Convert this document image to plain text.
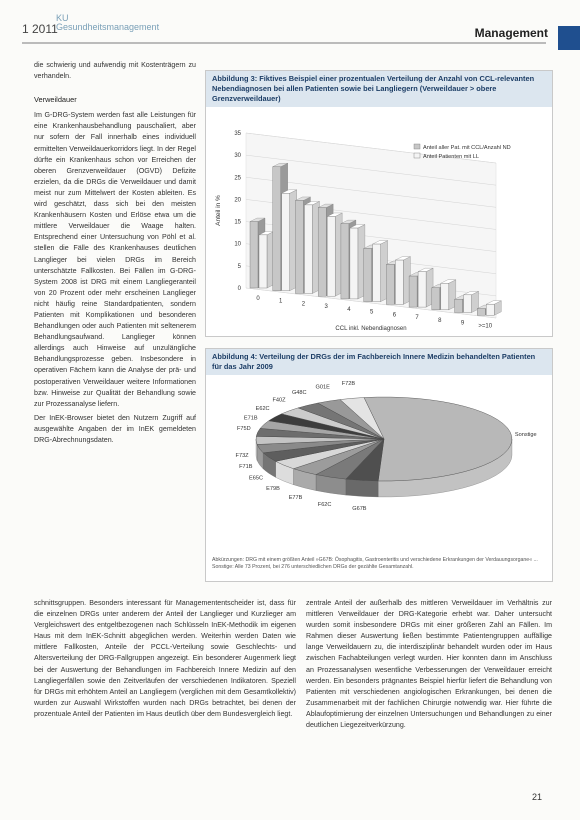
1 2011
KU
Gesundheitsmanagement	Management

die schwierig und aufwendig mit Kostenträgern zu verhandeln.

Verweildauer

Im G-DRG-System werden fast alle Leistungen für eine Krankenhausbehandlung pauschaliert, aber nur sofern der Fall innerhalb eines individuell ermittelten Verweildauerkorridors liegt. In der Regel dürfte ein Krankenhaus schon vor Erreichen der oberen Grenzverweildauer (OGVD) Defizite erzielen, da die DRGs die Verweildauer und damit meist nur zum Mittelwert der Kosten ableiten. Es wird geschätzt, dass sich bei den meisten Krankenhäusern Kosten und Erlöse etwa um die mittlere Verweildauer die Waage halten. Entsprechend einer Untersuchung von Pöhl et al. stellen die Fälle des Krankenhauses deutlichen Langlieger bei vielen DRGs im Bereich unterschätzte Fallkosten. Bei Fällen im G-DRG-System 2008 ist DRG mit einem Langliegeranteil von 20 Prozent oder mehr erscheinen Langlieger nicht häufig reine Standardpatienten, sondern Patienten mit Komplikationen und besonderen Behandlungen oder auch Patienten mit seltenerem Behandlungsaufwand. Langlieger können allerdings auch Hinweise auf unzulängliche Behandlungsprozesse geben. Insbesondere in operativen Fächern kann die Analyse der prä- und postoperativen Verweildauer weitere Informationen bzw. Hinweise zur Qualität der Behandlung sowie zur Prozessanalyse liefern.

Der InEK-Browser bietet den Nutzern Zugriff auf ausgewählte Angaben der im InEK gemeldeten DRG-Abrechnungsdaten.

Abbildung 3: Fiktives Beispiel einer prozentualen Verteilung der Anzahl von CCL-relevanten Nebendiagnosen bei allen Patienten sowie bei Langliegern (Verweildauer > obere Grenzverweildauer)
0
5
10
15
20
25
30
35
Anteil in %
0	1	2	3	4	5	6	7	8	9 >=10
CCL inkl. Nebendiagnosen
Anteil aller Pat. mit CCL/Anzahl ND
Anteil Patienten mit LL
Abbildung 4: Verteilung der DRGs der im Fachbereich Innere Medizin behandelten Patienten für das Jahr 2009
Sonstige
G67B
F62C
E77B
E79B
E65C
F71B
F73Z
F75D
E71B
E62C
F40Z
G48C
G01E
F72B
Abkürzungen: DRG mit einem größten Anteil »G67B: Ösophagitis, Gastroenteritis und verschiedene Erkrankungen der Verdauungsorgane« ... Sonstige: Alle 73 Prozent, bei 276 unterschiedlichen DRGs der gezählte Gesamtanzahl.

schnittsgruppen. Besonders interessant für Managemententscheider ist, dass für die einzelnen DRGs unter anderem der Anteil der Langlieger und Kurzlieger am Vergleichswert des entgeltbezogenen nach Schlüsseln InEK-Methodik im eigenen Haus mit dem InEK-Schnitt abgeglichen werden. Weiterhin werden Daten wie mittlere Fallkosten, Anteile der PCCL-Verteilung sowie Geschlechts- und Altersverteilung der DRG-Fallgruppen angezeigt. Ein besonderer Augenmerk liegt bei der Auswertung der Behandlungen im Fachbereich Innere Medizin auf den Langliegerfällen sowie den Zeitverläufen der verschiedenen Indikatoren. Speziell für DRGs mit erhöhtem Anteil an Langliegern (verglichen mit dem Gesamtkollektiv) wurden zur Auswahl Wirkstoffen wurden nach DRGs betrachtet, bei denen der prozentuale Anteil der Patienten im Haus deutlich über dem Bundesvergleich liegt.

zentrale Anteil der außerhalb des mittleren Verweildauer im Verhältnis zur mittleren Verweildauer der DRG-Kategorie erhebt war. Daher untersucht wurden somit insbesondere DRGs mit einer größeren Zahl an Fällen. Im Rahmen dieser Auswertung ließen bestimmte Patientengruppen auffällige lange Verweildauern zu, die interdisziplinär behandelt wurden oder im Haus zwischen Fachabteilungen verlegt wurden. Hier konnten dann im Anschluss an Prozessanalysen wesentliche Verbesserungen der Verweildauer erreicht werden. Ein besonders prägnantes Beispiel hierfür liefert die Behandlung von Patienten mit verschiedenen angiologischen Erkrankungen, bei denen die Zusammenarbeit mit der fachlichen Chirurgie notwendig war. Hier führte die Ablaufoptimierung der einzelnen Untersuchungen und Behandlungen zu einer deutlichen Liegezeitverkürzung.

21
